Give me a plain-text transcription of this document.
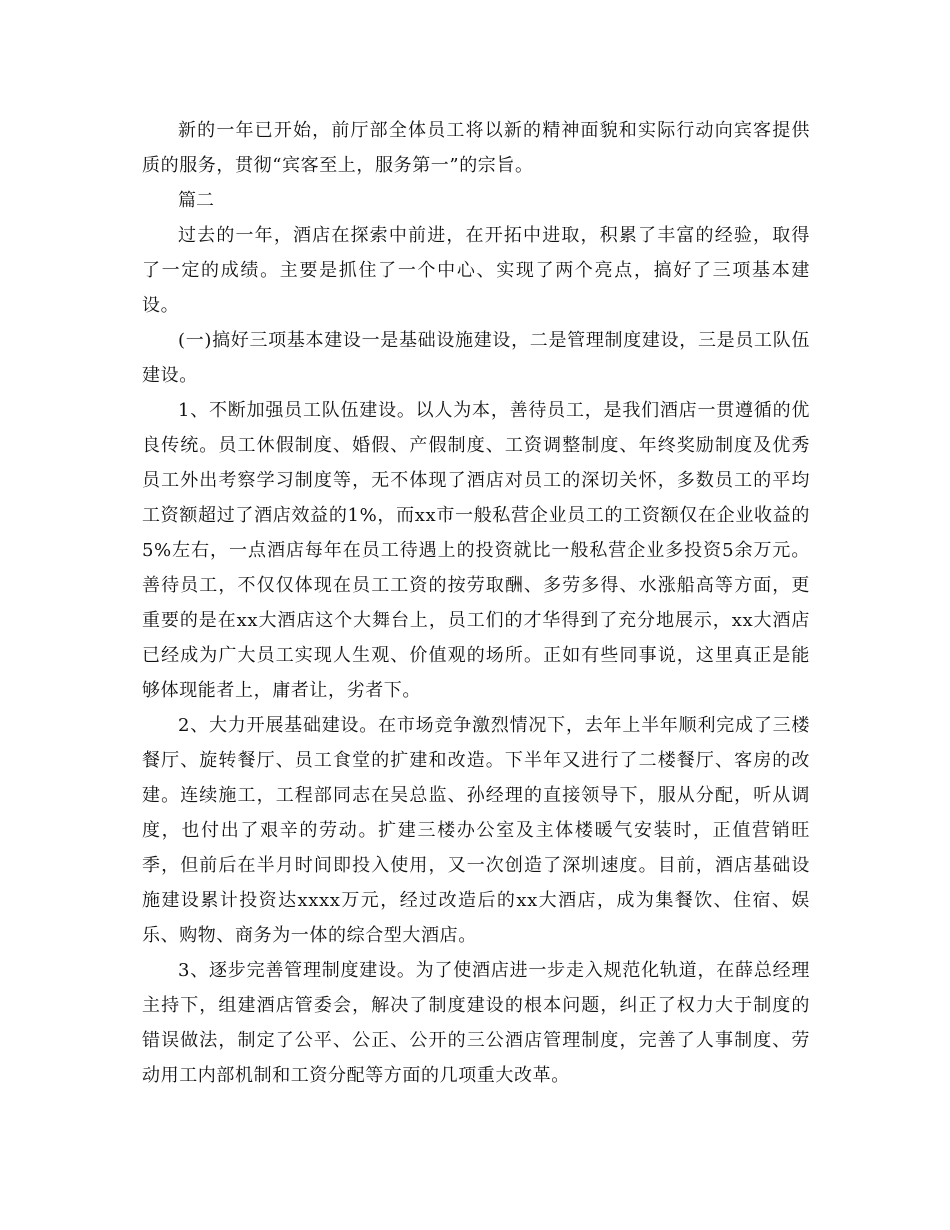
新的一年已开始，前厅部全体员工将以新的精神面貌和实际行动向宾客提供质的服务，贯彻“宾客至上，服务第一”的宗旨。

篇二

过去的一年，酒店在探索中前进，在开拓中进取，积累了丰富的经验，取得了一定的成绩。主要是抓住了一个中心、实现了两个亮点，搞好了三项基本建设。

(一)搞好三项基本建设一是基础设施建设，二是管理制度建设，三是员工队伍建设。

1、不断加强员工队伍建设。以人为本，善待员工，是我们酒店一贯遵循的优良传统。员工休假制度、婚假、产假制度、工资调整制度、年终奖励制度及优秀员工外出考察学习制度等，无不体现了酒店对员工的深切关怀，多数员工的平均工资额超过了酒店效益的1%，而xx市一般私营企业员工的工资额仅在企业收益的5%左右，一点酒店每年在员工待遇上的投资就比一般私营企业多投资5余万元。善待员工，不仅仅体现在员工工资的按劳取酬、多劳多得、水涨船高等方面，更重要的是在xx大酒店这个大舞台上，员工们的才华得到了充分地展示，xx大酒店已经成为广大员工实现人生观、价值观的场所。正如有些同事说，这里真正是能够体现能者上，庸者让，劣者下。

2、大力开展基础建设。在市场竞争激烈情况下，去年上半年顺利完成了三楼餐厅、旋转餐厅、员工食堂的扩建和改造。下半年又进行了二楼餐厅、客房的改建。连续施工，工程部同志在吴总监、孙经理的直接领导下，服从分配，听从调度，也付出了艰辛的劳动。扩建三楼办公室及主体楼暖气安装时，正值营销旺季，但前后在半月时间即投入使用，又一次创造了深圳速度。目前，酒店基础设施建设累计投资达xxxx万元，经过改造后的xx大酒店，成为集餐饮、住宿、娱乐、购物、商务为一体的综合型大酒店。

3、逐步完善管理制度建设。为了使酒店进一步走入规范化轨道，在薛总经理主持下，组建酒店管委会，解决了制度建设的根本问题，纠正了权力大于制度的错误做法，制定了公平、公正、公开的三公酒店管理制度，完善了人事制度、劳动用工内部机制和工资分配等方面的几项重大改革。
